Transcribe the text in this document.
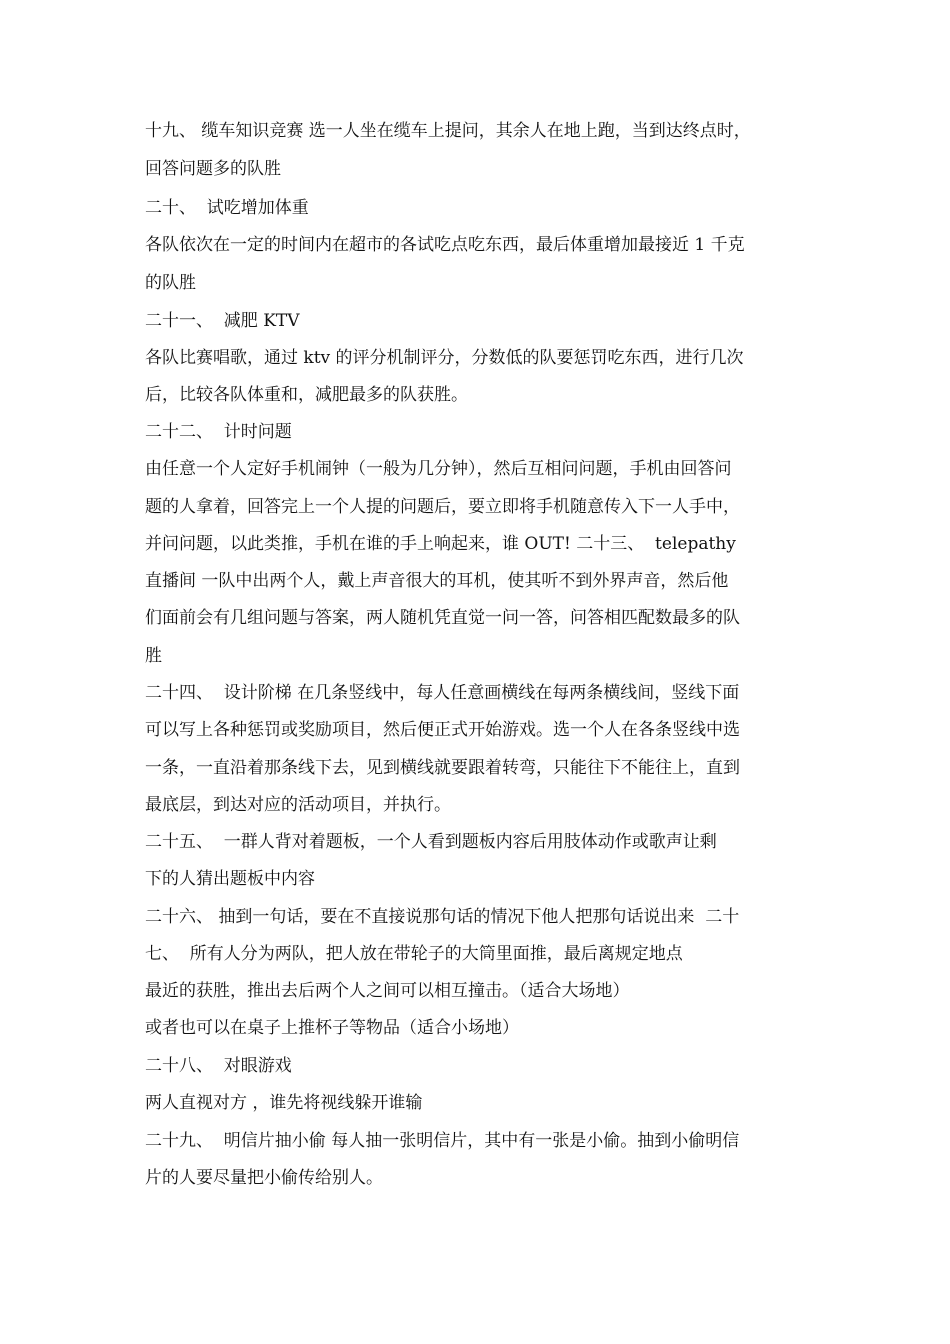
十九、 缆车知识竞赛 选一人坐在缆车上提问，其余人在地上跑，当到达终点时，
回答问题多的队胜
二十、  试吃增加体重
各队依次在一定的时间内在超市的各试吃点吃东西，最后体重增加最接近 1 千克
的队胜
二十一、  减肥 KTV
各队比赛唱歌，通过 ktv 的评分机制评分，分数低的队要惩罚吃东西，进行几次
后，比较各队体重和，减肥最多的队获胜。
二十二、  计时问题
由任意一个人定好手机闹钟（一般为几分钟），然后互相问问题，手机由回答问
题的人拿着，回答完上一个人提的问题后，要立即将手机随意传入下一人手中，
并问问题，以此类推，手机在谁的手上响起来，谁 OUT! 二十三、  telepathy
直播间 一队中出两个人，戴上声音很大的耳机，使其听不到外界声音，然后他
们面前会有几组问题与答案，两人随机凭直觉一问一答，问答相匹配数最多的队
胜
二十四、  设计阶梯 在几条竖线中，每人任意画横线在每两条横线间，竖线下面
可以写上各种惩罚或奖励项目，然后便正式开始游戏。选一个人在各条竖线中选
一条，一直沿着那条线下去，见到横线就要跟着转弯，只能往下不能往上，直到
最底层，到达对应的活动项目，并执行。
二十五、  一群人背对着题板，一个人看到题板内容后用肢体动作或歌声让剩
下的人猜出题板中内容
二十六、 抽到一句话，要在不直接说那句话的情况下他人把那句话说出来  二十
七、  所有人分为两队，把人放在带轮子的大筒里面推，最后离规定地点
最近的获胜，推出去后两个人之间可以相互撞击。（适合大场地）
或者也可以在桌子上推杯子等物品（适合小场地）
二十八、  对眼游戏
两人直视对方 ，谁先将视线躲开谁输
二十九、  明信片抽小偷 每人抽一张明信片，其中有一张是小偷。抽到小偷明信
片的人要尽量把小偷传给别人。
